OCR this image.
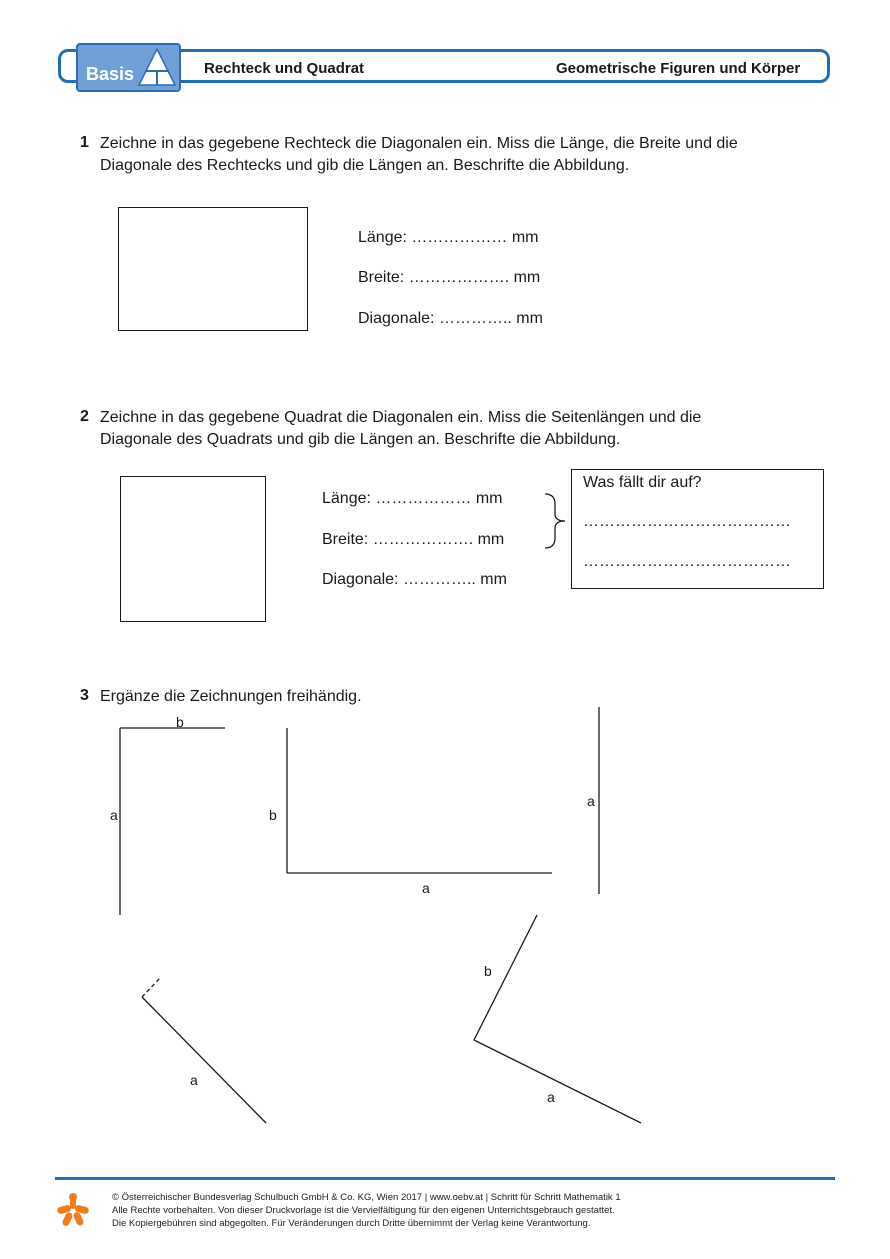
Basis	Rechteck und Quadrat	Geometrische Figuren und Körper
1 Zeichne in das gegebene Rechteck die Diagonalen ein. Miss die Länge, die Breite und die
Diagonale des Rechtecks und gib die Längen an. Beschrifte die Abbildung.
Länge: ……………… mm
Breite: ………………. mm
Diagonale: ………….. mm
2 Zeichne in das gegebene Quadrat die Diagonalen ein. Miss die Seitenlängen und die
Diagonale des Quadrats und gib die Längen an. Beschrifte die Abbildung.
Länge: ……………… mm
Breite: ………………. mm
Diagonale: ………….. mm
Was fällt dir auf?
…………………………………
…………………………………
3 Ergänze die Zeichnungen freihändig.
b
a	b
a
a
a
b
a
© Österreichischer Bundesverlag Schulbuch GmbH & Co. KG, Wien 2017 | www.oebv.at | Schritt für Schritt Mathematik 1
Alle Rechte vorbehalten. Von dieser Druckvorlage ist die Vervielfältigung für den eigenen Unterrichtsgebrauch gestattet.
Die Kopiergebühren sind abgegolten. Für Veränderungen durch Dritte übernimmt der Verlag keine Verantwortung.
